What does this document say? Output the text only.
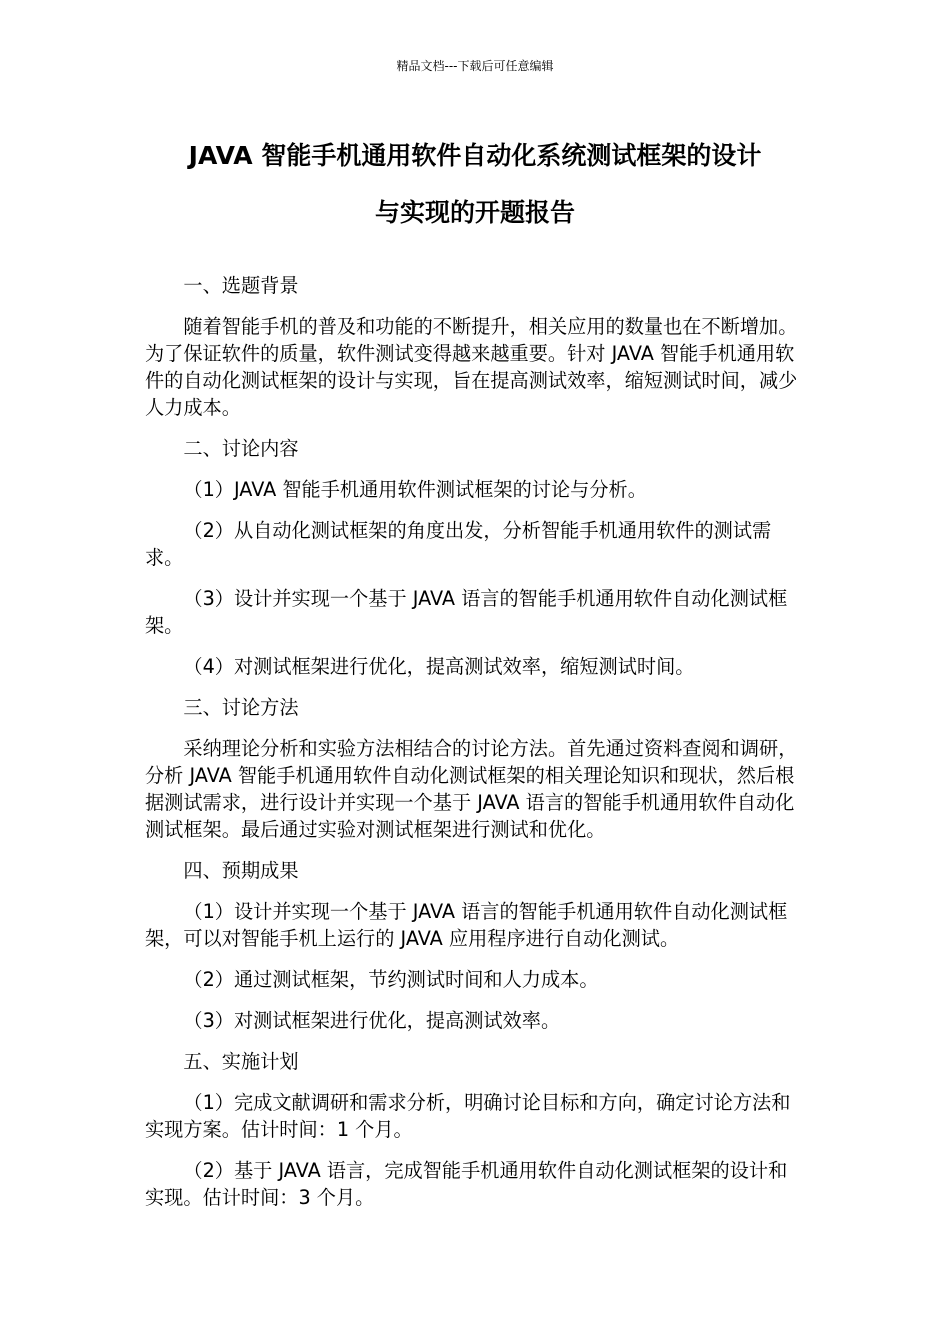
精品文档---下载后可任意编辑
JAVA 智能手机通用软件自动化系统测试框架的设计
与实现的开题报告

一、选题背景

随着智能手机的普及和功能的不断提升，相关应用的数量也在不断增加。为了保证软件的质量，软件测试变得越来越重要。针对 JAVA 智能手机通用软件的自动化测试框架的设计与实现，旨在提高测试效率，缩短测试时间，减少人力成本。

二、讨论内容

（1）JAVA 智能手机通用软件测试框架的讨论与分析。

（2）从自动化测试框架的角度出发，分析智能手机通用软件的测试需求。

（3）设计并实现一个基于 JAVA 语言的智能手机通用软件自动化测试框架。

（4）对测试框架进行优化，提高测试效率，缩短测试时间。

三、讨论方法

采纳理论分析和实验方法相结合的讨论方法。首先通过资料查阅和调研，分析 JAVA 智能手机通用软件自动化测试框架的相关理论知识和现状，然后根据测试需求，进行设计并实现一个基于 JAVA 语言的智能手机通用软件自动化测试框架。最后通过实验对测试框架进行测试和优化。

四、预期成果

（1）设计并实现一个基于 JAVA 语言的智能手机通用软件自动化测试框架，可以对智能手机上运行的 JAVA 应用程序进行自动化测试。

（2）通过测试框架，节约测试时间和人力成本。

（3）对测试框架进行优化，提高测试效率。

五、实施计划

（1）完成文献调研和需求分析，明确讨论目标和方向，确定讨论方法和实现方案。估计时间：1 个月。

（2）基于 JAVA 语言，完成智能手机通用软件自动化测试框架的设计和实现。估计时间：3 个月。
